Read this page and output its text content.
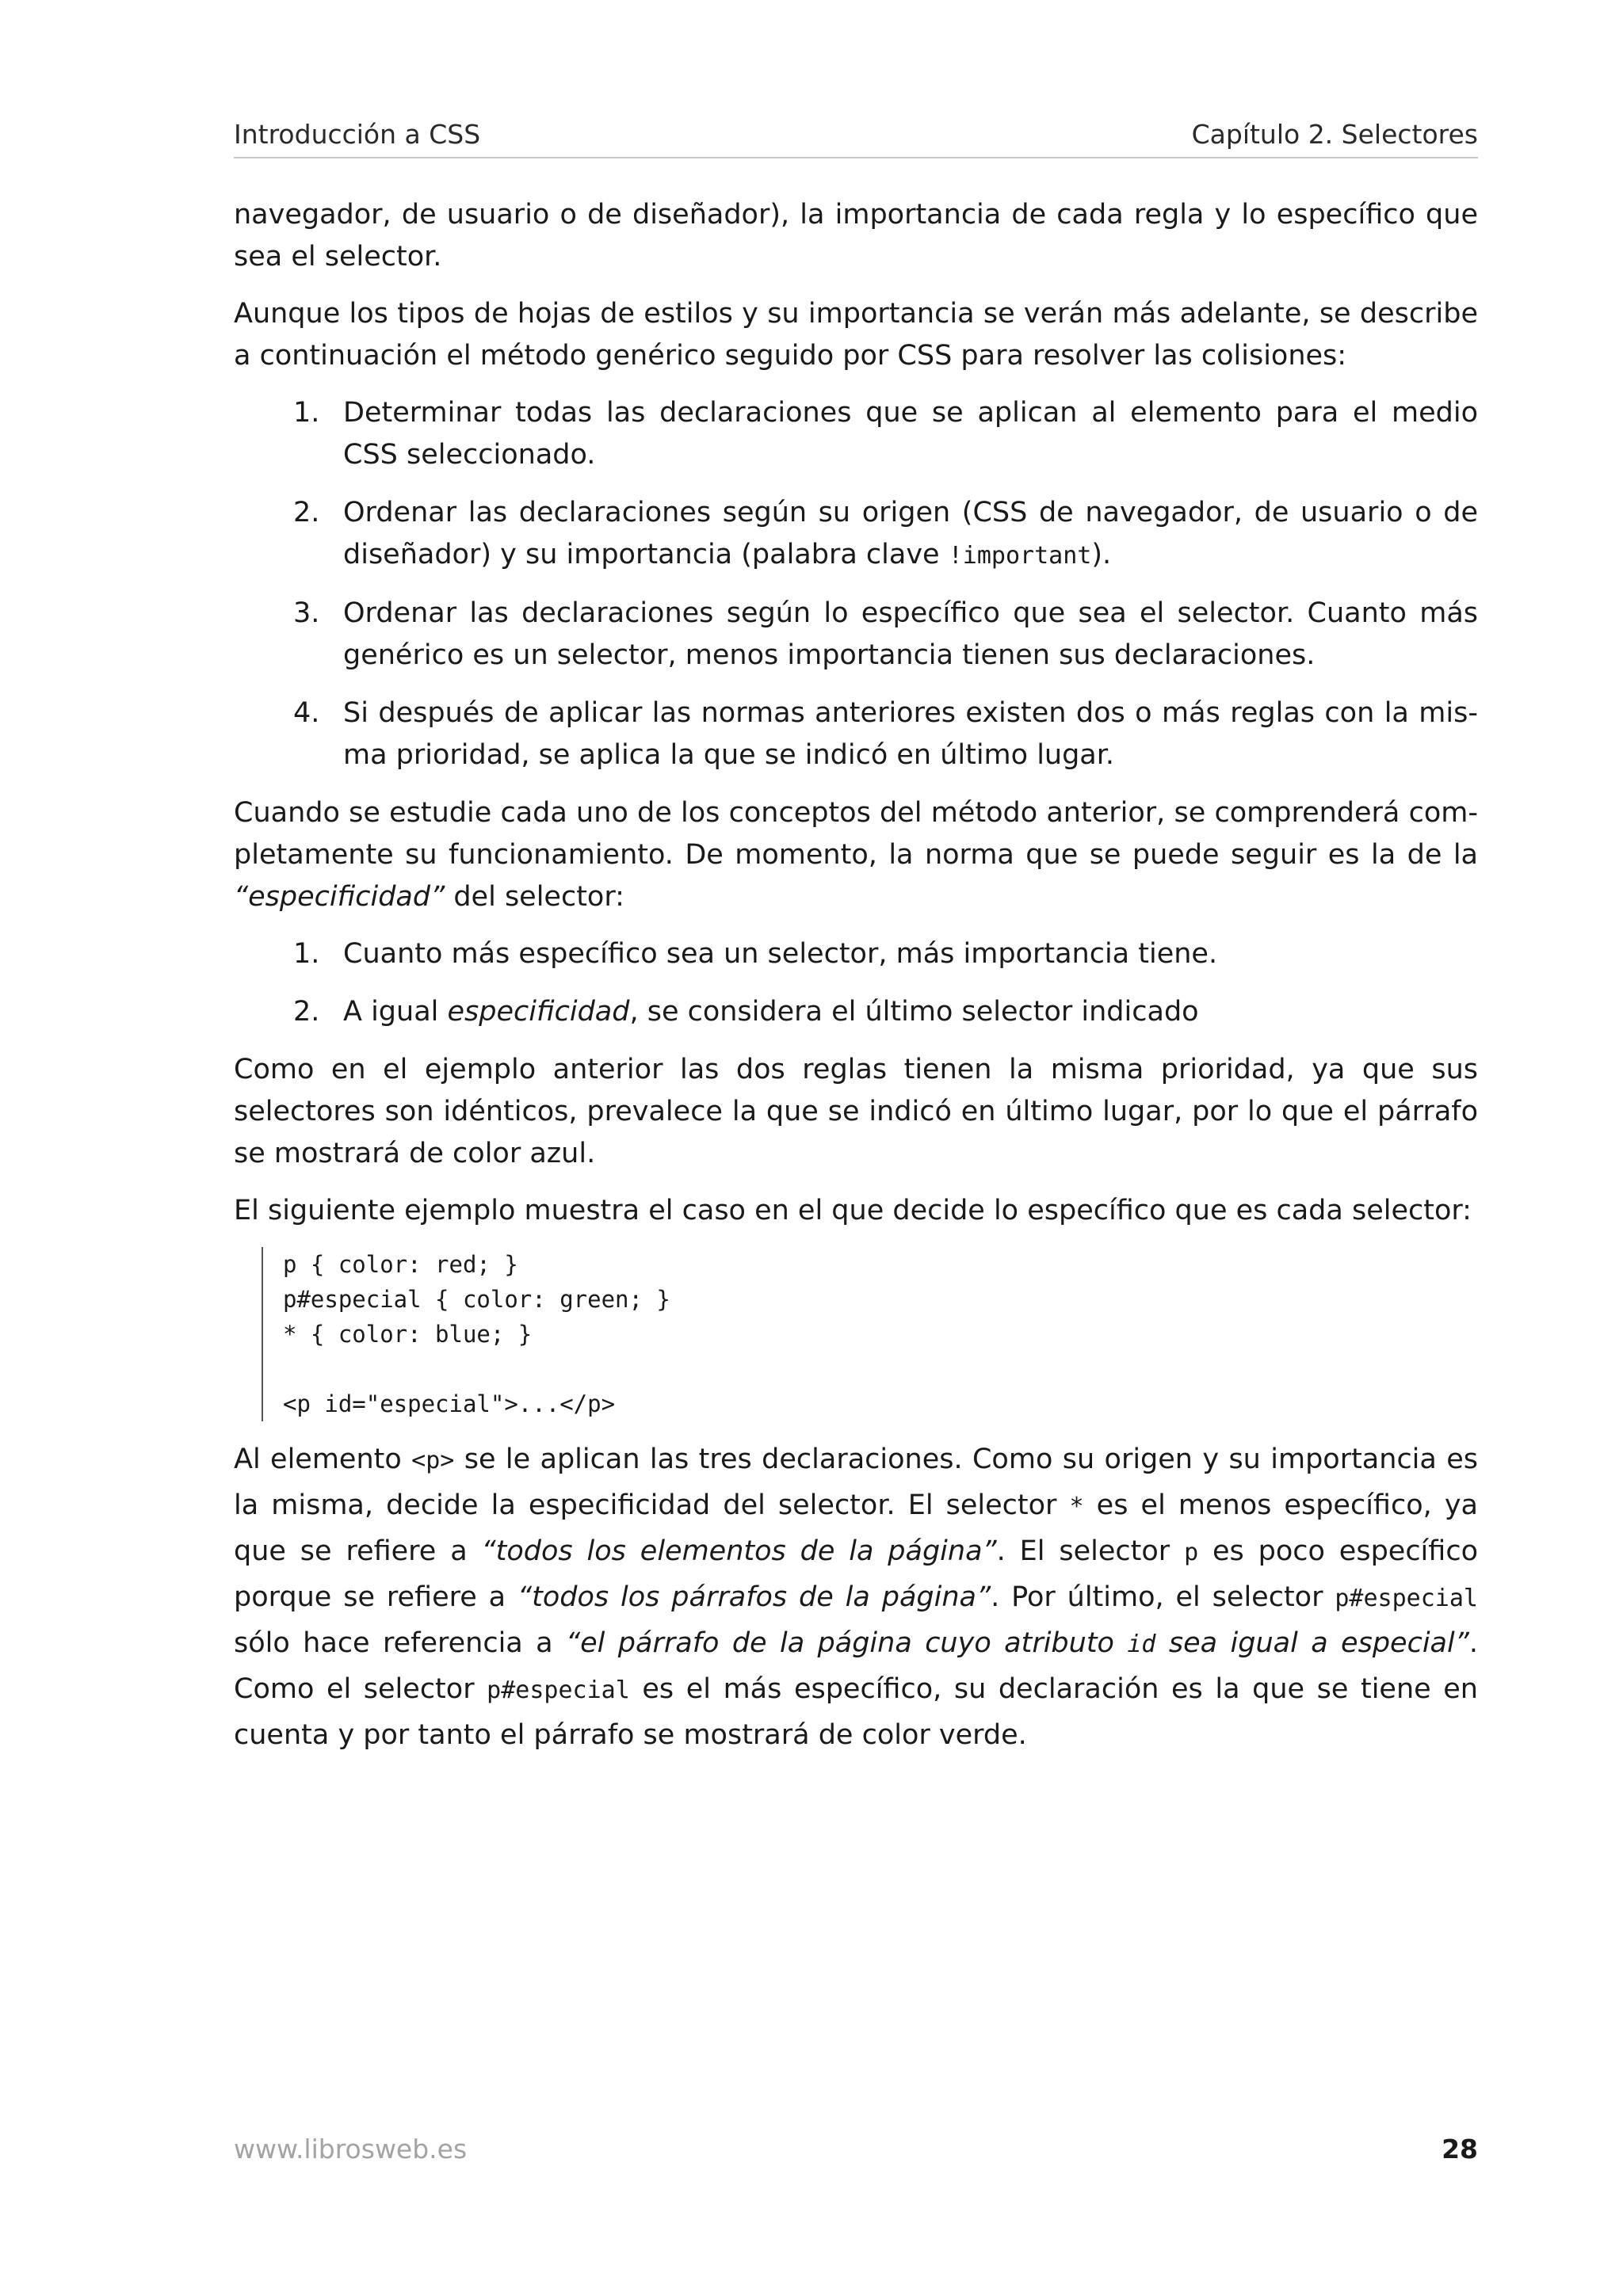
Introducción a CSS	Capítulo 2. Selectores

navegador, de usuario o de diseñador), la importancia de cada regla y lo específico que sea el selector.

Aunque los tipos de hojas de estilos y su importancia se verán más adelante, se describe a continuación el método genérico seguido por CSS para resolver las colisiones:

1. Determinar todas las declaraciones que se aplican al elemento para el medio CSS seleccionado.
2. Ordenar las declaraciones según su origen (CSS de navegador, de usuario o de diseñador) y su importancia (palabra clave !important).
3. Ordenar las declaraciones según lo específico que sea el selector. Cuanto más genérico es un selector, menos importancia tienen sus declaraciones.
4. Si después de aplicar las normas anteriores existen dos o más reglas con la misma prioridad, se aplica la que se indicó en último lugar.

Cuando se estudie cada uno de los conceptos del método anterior, se comprenderá completamente su funcionamiento. De momento, la norma que se puede seguir es la de la “especificidad” del selector:

1. Cuanto más específico sea un selector, más importancia tiene.
2. A igual especificidad, se considera el último selector indicado

Como en el ejemplo anterior las dos reglas tienen la misma prioridad, ya que sus selectores son idénticos, prevalece la que se indicó en último lugar, por lo que el párrafo se mostrará de color azul.

El siguiente ejemplo muestra el caso en el que decide lo específico que es cada selector:

p { color: red; }
p#especial { color: green; }
* { color: blue; }
<p id="especial">...</p>

Al elemento <p> se le aplican las tres declaraciones. Como su origen y su importancia es la misma, decide la especificidad del selector. El selector * es el menos específico, ya que se refiere a “todos los elementos de la página”. El selector p es poco específico porque se refiere a “todos los párrafos de la página”. Por último, el selector p#especial sólo hace referencia a “el párrafo de la página cuyo atributo id sea igual a especial”. Como el selector p#especial es el más específico, su declaración es la que se tiene en cuenta y por tanto el párrafo se mostrará de color verde.

www.librosweb.es	28
